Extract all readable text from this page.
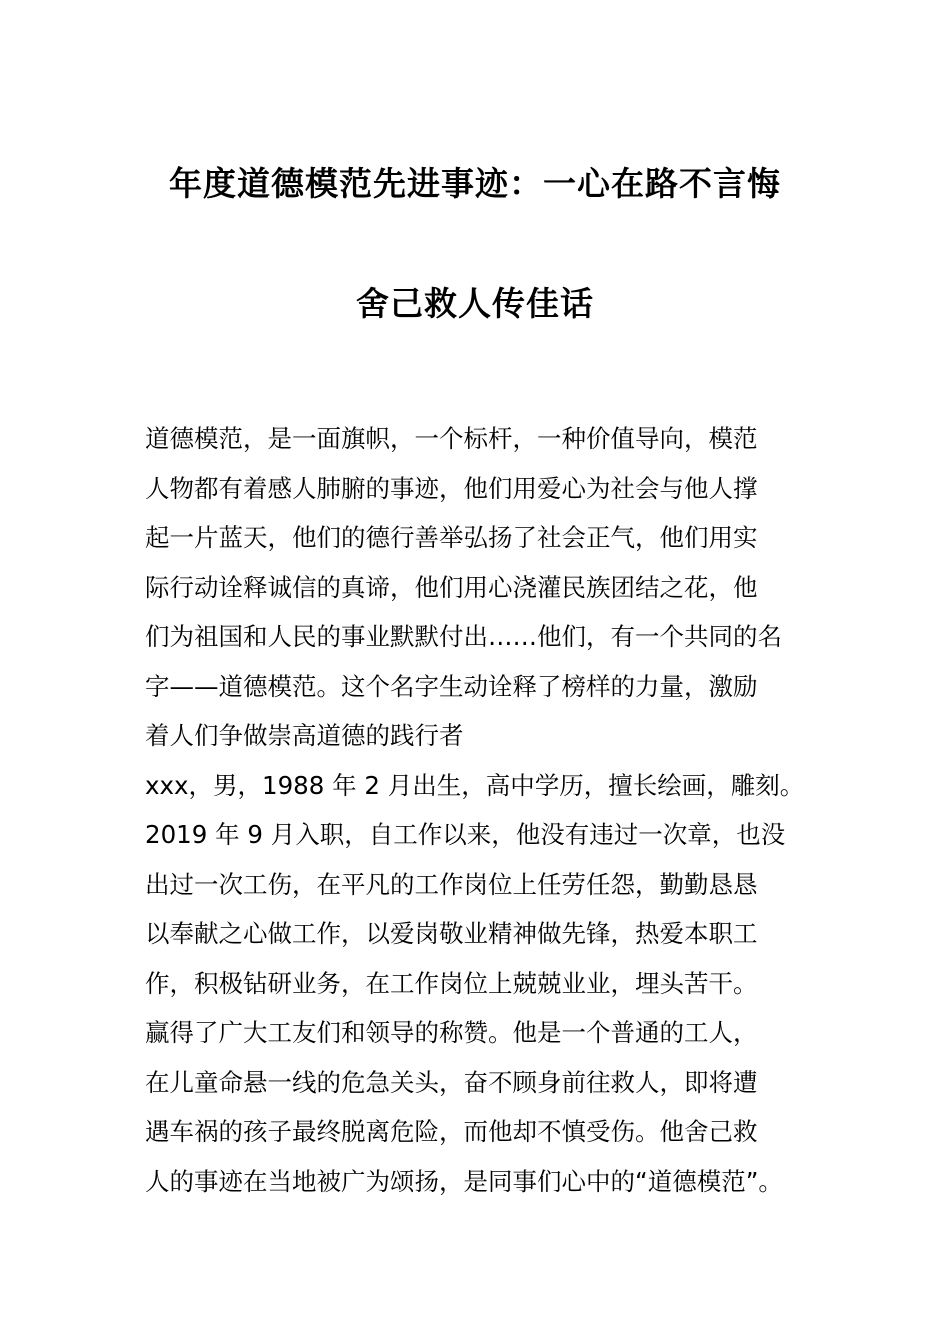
年度道德模范先进事迹：一心在路不言悔
舍己救人传佳话
道德模范，是一面旗帜，一个标杆，一种价值导向，模范
人物都有着感人肺腑的事迹，他们用爱心为社会与他人撑
起一片蓝天，他们的德行善举弘扬了社会正气，他们用实
际行动诠释诚信的真谛，他们用心浇灌民族团结之花，他
们为祖国和人民的事业默默付出……他们，有一个共同的名
字——道德模范。这个名字生动诠释了榜样的力量，激励
着人们争做崇高道德的践行者
xxx，男，1988 年 2 月出生，高中学历，擅长绘画，雕刻。
2019 年 9 月入职，自工作以来，他没有违过一次章，也没
出过一次工伤，在平凡的工作岗位上任劳任怨，勤勤恳恳
以奉献之心做工作，以爱岗敬业精神做先锋，热爱本职工
作，积极钻研业务，在工作岗位上兢兢业业，埋头苦干。
赢得了广大工友们和领导的称赞。他是一个普通的工人，
在儿童命悬一线的危急关头，奋不顾身前往救人，即将遭
遇车祸的孩子最终脱离危险，而他却不慎受伤。他舍己救
人的事迹在当地被广为颂扬，是同事们心中的“道德模范”。
